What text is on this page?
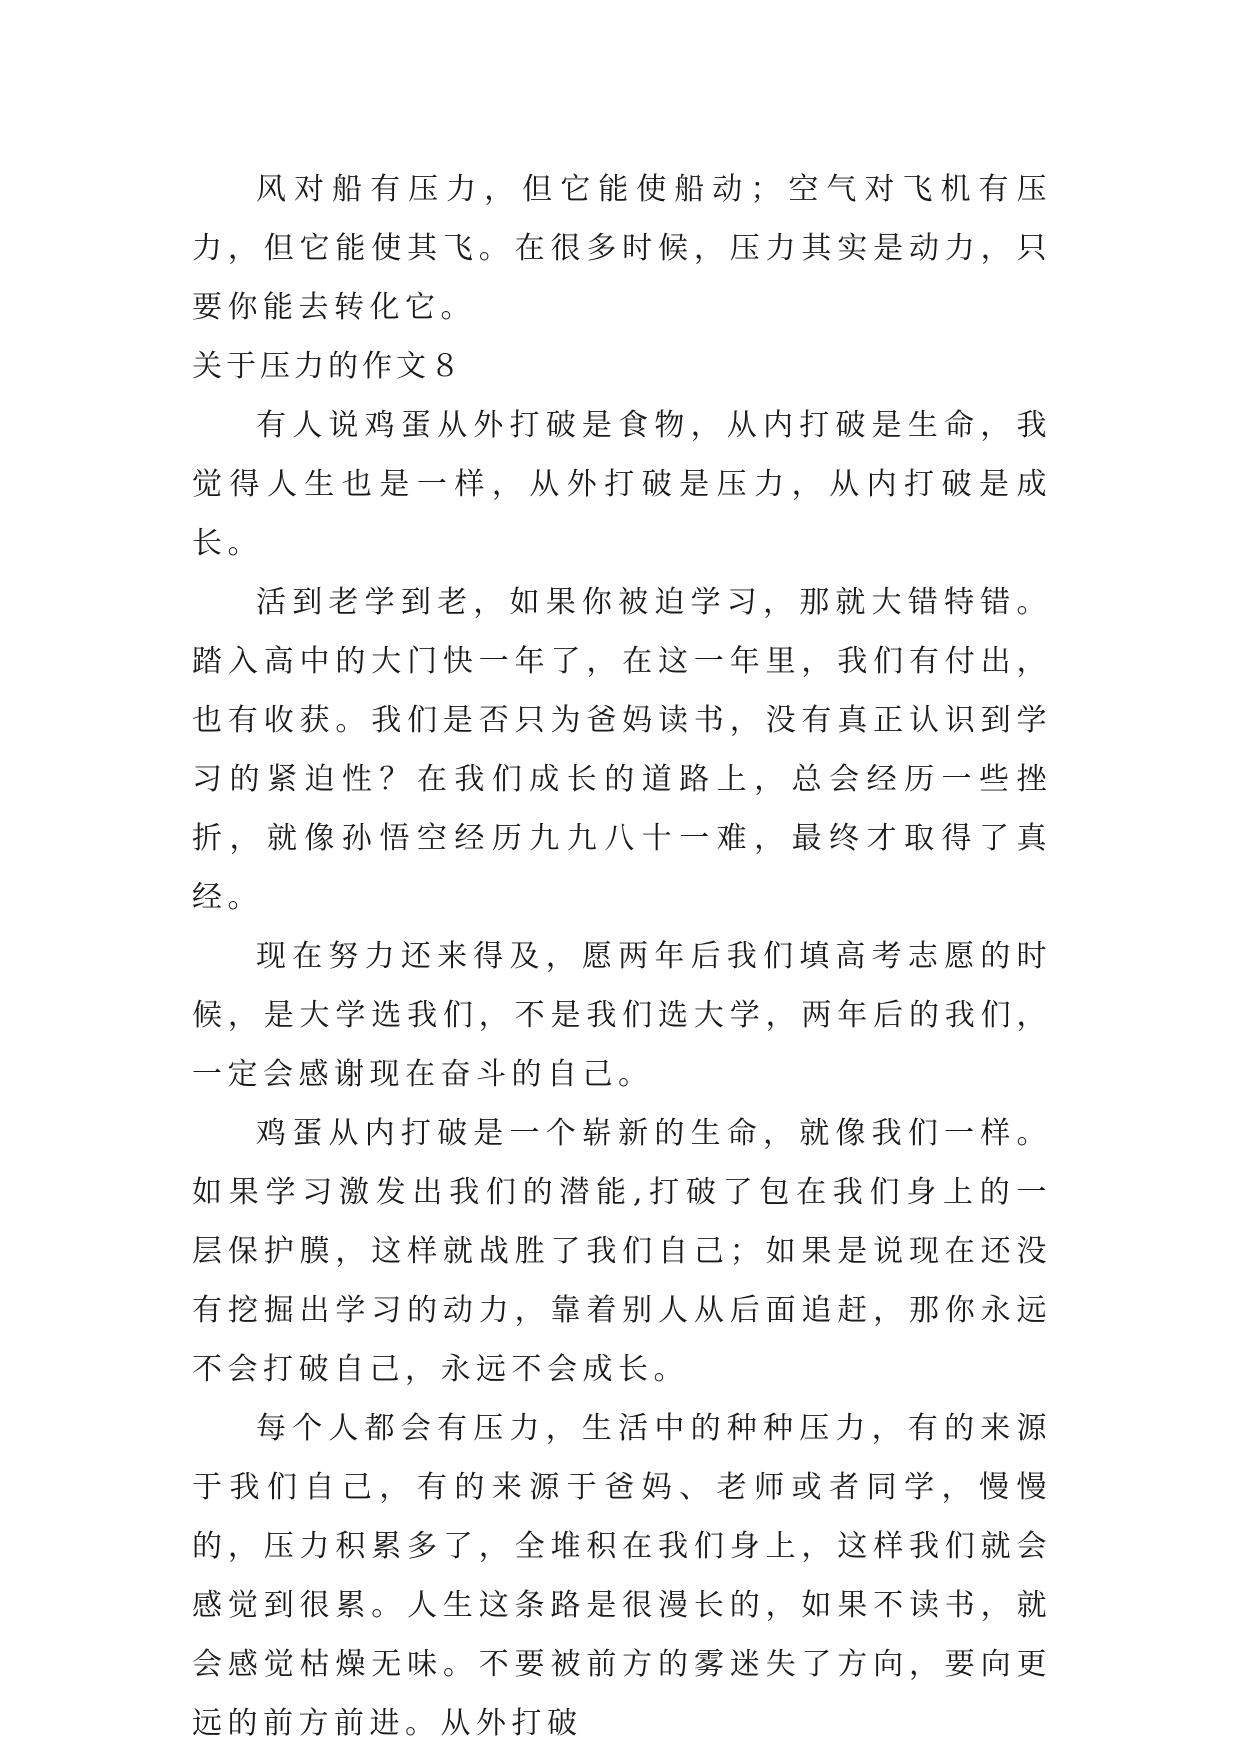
风对船有压力，但它能使船动；空气对飞机有压力，但它能使其飞。在很多时候，压力其实是动力，只要你能去转化它。

关于压力的作文８

有人说鸡蛋从外打破是食物，从内打破是生命，我觉得人生也是一样，从外打破是压力，从内打破是成长。

活到老学到老，如果你被迫学习，那就大错特错。踏入高中的大门快一年了，在这一年里，我们有付出，也有收获。我们是否只为爸妈读书，没有真正认识到学习的紧迫性？在我们成长的道路上，总会经历一些挫折，就像孙悟空经历九九八十一难，最终才取得了真经。

现在努力还来得及，愿两年后我们填高考志愿的时候，是大学选我们，不是我们选大学，两年后的我们，一定会感谢现在奋斗的自己。

鸡蛋从内打破是一个崭新的生命，就像我们一样。如果学习激发出我们的潜能,打破了包在我们身上的一层保护膜，这样就战胜了我们自己；如果是说现在还没有挖掘出学习的动力，靠着别人从后面追赶，那你永远不会打破自己，永远不会成长。

每个人都会有压力，生活中的种种压力，有的来源于我们自己，有的来源于爸妈、老师或者同学，慢慢的，压力积累多了，全堆积在我们身上，这样我们就会感觉到很累。人生这条路是很漫长的，如果不读书，就会感觉枯燥无味。不要被前方的雾迷失了方向，要向更远的前方前进。从外打破
